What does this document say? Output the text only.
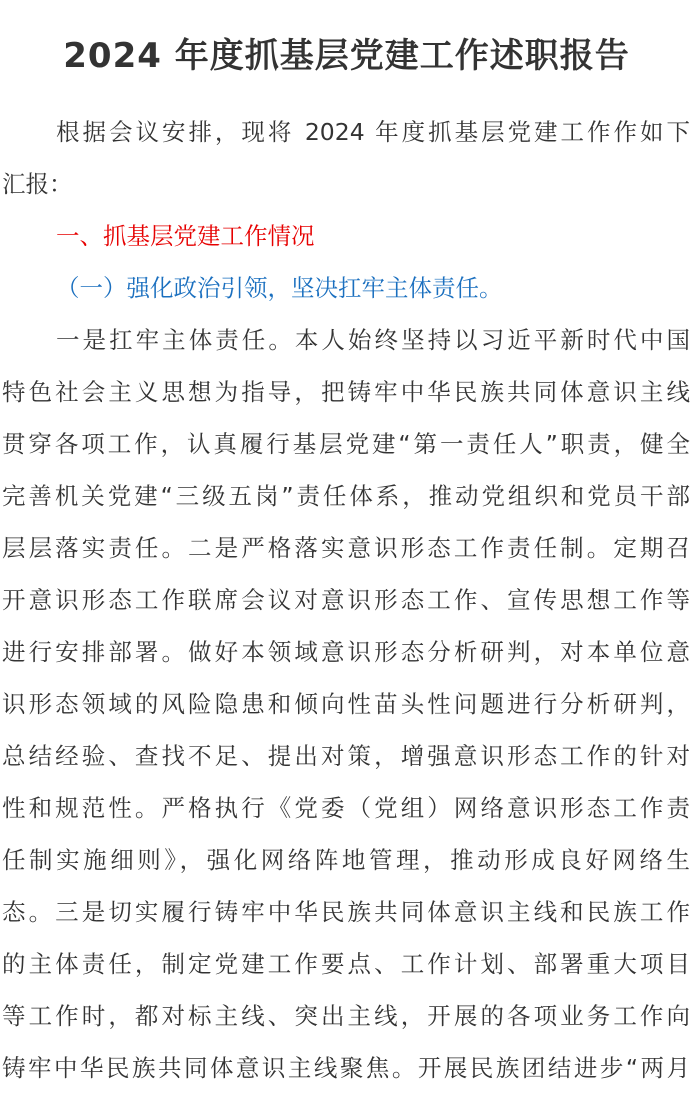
2024 年度抓基层党建工作述职报告
根据会议安排，现将 2024 年度抓基层党建工作作如下
汇报：
一、抓基层党建工作情况
（一）强化政治引领，坚决扛牢主体责任。
一是扛牢主体责任。本人始终坚持以习近平新时代中国
特色社会主义思想为指导，把铸牢中华民族共同体意识主线
贯穿各项工作，认真履行基层党建“第一责任人”职责，健全
完善机关党建“三级五岗”责任体系，推动党组织和党员干部
层层落实责任。二是严格落实意识形态工作责任制。定期召
开意识形态工作联席会议对意识形态工作、宣传思想工作等
进行安排部署。做好本领域意识形态分析研判，对本单位意
识形态领域的风险隐患和倾向性苗头性问题进行分析研判，
总结经验、查找不足、提出对策，增强意识形态工作的针对
性和规范性。严格执行《党委（党组）网络意识形态工作责
任制实施细则》，强化网络阵地管理，推动形成良好网络生
态。三是切实履行铸牢中华民族共同体意识主线和民族工作
的主体责任，制定党建工作要点、工作计划、部署重大项目
等工作时，都对标主线、突出主线，开展的各项业务工作向
铸牢中华民族共同体意识主线聚焦。开展民族团结进步“两月
